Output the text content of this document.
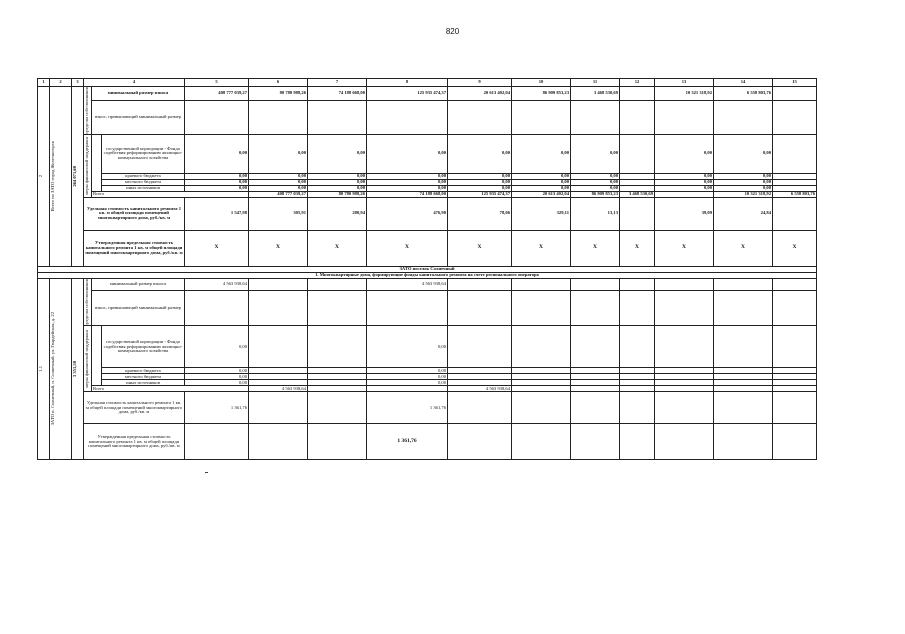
820
1	2	3	4			5	6	7	8	9	10	11	12	13	14	15	

2	Всего по ЗАТО город Железногорск	264 071,60	средства собственников	минимальный размер взноса		408 777 039,27	80 780 988,26	74 188 668,00	125 935 474,37	20 613 402,04	86 909 853,23	3 468 530,69		10 321 318,92	6 558 803,76		
				взнос, превышающий минимальный размер													

			меры финансовой поддержки		государственной корпорации - Фонда содействия реформированию жилищно-коммунального хозяйства	0,00	0,00	0,00	0,00	0,00	0,00	0,00		0,00	0,00		
					краевого бюджета	0,00	0,00	0,00	0,00	0,00	0,00	0,00		0,00	0,00		
					местного бюджета	0,00	0,00	0,00	0,00	0,00	0,00	0,00		0,00	0,00		
					иных источников	0,00	0,00	0,00	0,00	0,00	0,00	0,00		0,00	0,00		
				Всего			408 777 039,27	80 780 988,26	74 188 668,00	125 935 474,37	20 613 402,04	86 909 853,23	3 468 530,69		10 321 318,92	6 558 803,76	
			Удельная стоимость капитального ремонта 1 кв. м общей площади помещений многоквартирного дома, руб./кв. м			1 547,98	305,91	280,94	476,90	78,06	329,11	13,13		39,09	24,84		
			Утвержденная предельная стоимость капитального ремонта 1 кв. м общей площади помещений многоквартирного дома, руб./кв. м			X	X	X	X	X	X	X	X	X	X	X	
ЗАТО поселок Солнечный																	
1. Многоквартирные дома, формирующие фонды капитального ремонта на счете регионального оператора																	

1.1	ЗАТО п. Солнечный, п. Солнечный, ул. Гвардейская, д. 22	3 351,50	средства собственников	минимальный размер взноса		4 563 938,64			4 563 938,64								
				взнос, превышающий минимальный размер													

			меры финансовой поддержки		государственной корпорации - Фонда содействия реформированию жилищно-коммунального хозяйства	0,00			0,00								
					краевого бюджета	0,00			0,00								
					местного бюджета	0,00			0,00								
					иных источников	0,00			0,00								
				Всего			4 563 938,64			4 563 938,64							
			Удельная стоимость капитального ремонта 1 кв. м общей площади помещений многоквартирного дома, руб./кв. м			1 361,76			1 361,76								
			Утвержденная предельная стоимость капитального ремонта 1 кв. м общей площади помещений многоквартирного дома, руб./кв. м						1 361,76								
